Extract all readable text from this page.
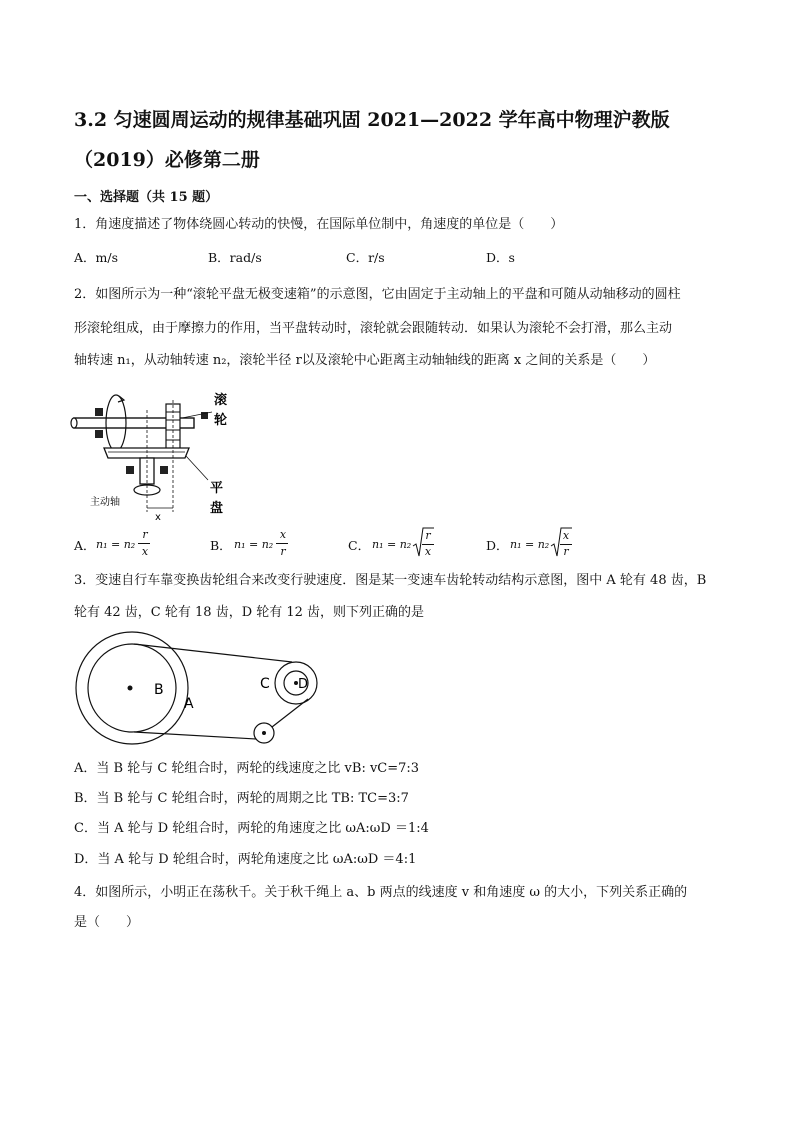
3.2 匀速圆周运动的规律基础巩固 2021—2022 学年高中物理沪教版
（2019）必修第二册
一、选择题（共 15 题）
1．角速度描述了物体绕圆心转动的快慢，在国际单位制中，角速度的单位是（　　）
A．m/s	B．rad/s	C．r/s	D．s
2．如图所示为一种“滚轮平盘无极变速箱”的示意图，它由固定于主动轴上的平盘和可随从动轴移动的圆柱
形滚轮组成，由于摩擦力的作用，当平盘转动时，滚轮就会跟随转动．如果认为滚轮不会打滑，那么主动
轴转速 n₁，从动轴转速 n₂，滚轮半径 r以及滚轮中心距离主动轴轴线的距离 x 之间的关系是（　　）
x
主动轴
滚
轮
平
盘
A． n₁ = n₂
r
x	B． n₁ = n₂
x
r	C． n₁ = n₂
r
x	D． n₁ = n₂
x
r
3．变速自行车靠变换齿轮组合来改变行驶速度．图是某一变速车齿轮转动结构示意图，图中 A 轮有 48 齿，B
轮有 42 齿，C 轮有 18 齿，D 轮有 12 齿，则下列正确的是
B
A
C D
A．当 B 轮与 C 轮组合时，两轮的线速度之比 vB: vC=7:3
B．当 B 轮与 C 轮组合时，两轮的周期之比 TB: TC=3:7
C．当 A 轮与 D 轮组合时，两轮的角速度之比 ωA:ωD ＝1:4
D．当 A 轮与 D 轮组合时，两轮角速度之比 ωA:ωD ＝4:1
4．如图所示，小明正在荡秋千。关于秋千绳上 a、b 两点的线速度 v 和角速度 ω 的大小，下列关系正确的
是（　　）
